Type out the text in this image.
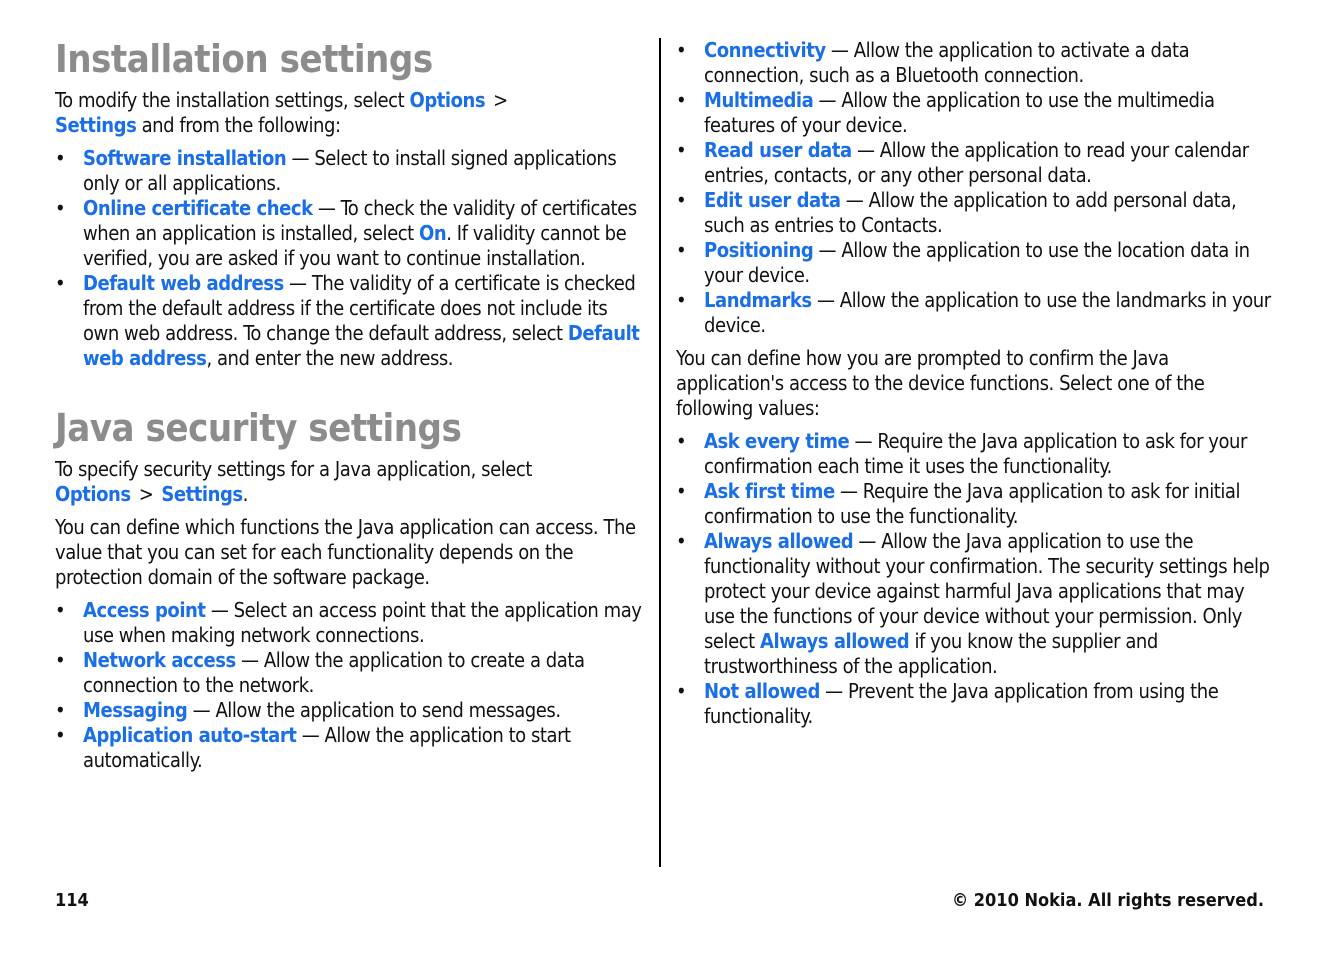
Installation settings

To modify the installation settings, select Options >
Settings and from the following:

• Software installation — Select to install signed applications only or all applications.
• Online certificate check — To check the validity of certificates when an application is installed, select On. If validity cannot be verified, you are asked if you want to continue installation.
• Default web address — The validity of a certificate is checked from the default address if the certificate does not include its own web address. To change the default address, select Default web address, and enter the new address.
Java security settings

To specify security settings for a Java application, select
Options > Settings.

You can define which functions the Java application can access. The value that you can set for each functionality depends on the protection domain of the software package.

• Access point — Select an access point that the application may use when making network connections.
• Network access — Allow the application to create a data connection to the network.
• Messaging — Allow the application to send messages.
• Application auto-start — Allow the application to start automatically.
• Connectivity — Allow the application to activate a data connection, such as a Bluetooth connection.
• Multimedia — Allow the application to use the multimedia features of your device.
• Read user data — Allow the application to read your calendar entries, contacts, or any other personal data.
• Edit user data — Allow the application to add personal data, such as entries to Contacts.
• Positioning — Allow the application to use the location data in your device.
• Landmarks — Allow the application to use the landmarks in your device.

You can define how you are prompted to confirm the Java application's access to the device functions. Select one of the following values:

• Ask every time — Require the Java application to ask for your confirmation each time it uses the functionality.
• Ask first time — Require the Java application to ask for initial confirmation to use the functionality.
• Always allowed — Allow the Java application to use the functionality without your confirmation. The security settings help protect your device against harmful Java applications that may use the functions of your device without your permission. Only select Always allowed if you know the supplier and trustworthiness of the application.
• Not allowed — Prevent the Java application from using the functionality.
114	© 2010 Nokia. All rights reserved.
